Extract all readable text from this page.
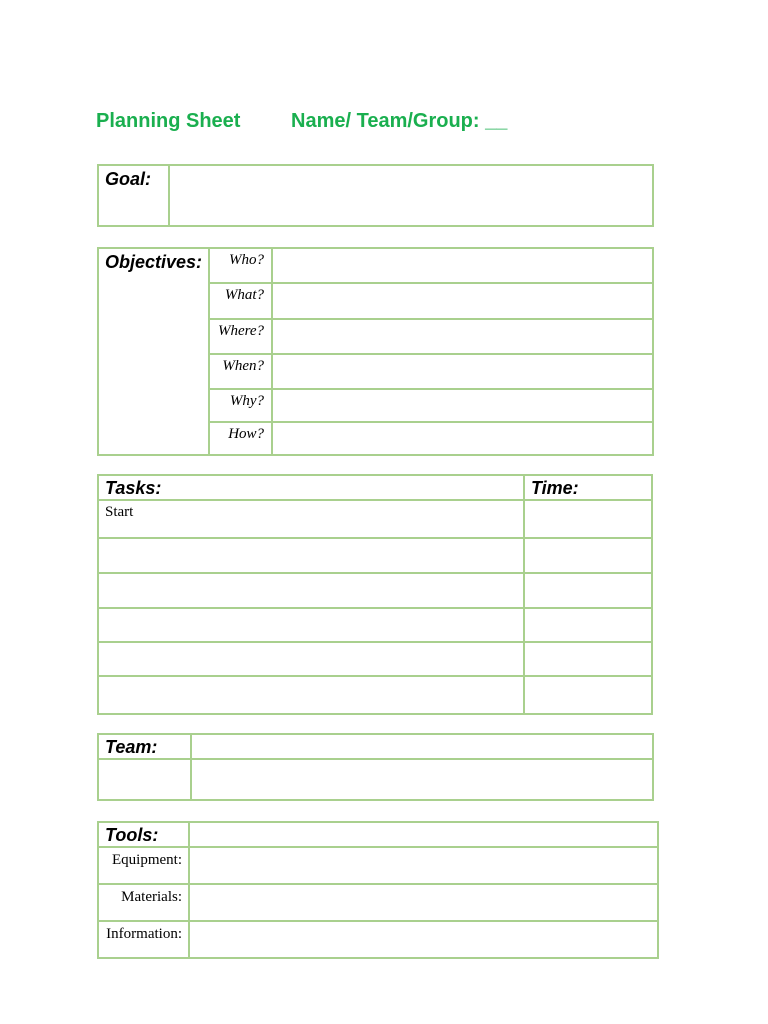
Planning Sheet	Name/ Team/Group: __
Goal:	
Objectives:	Who?	
	What?	
	Where?	
	When?	
	Why?	
	How?	
Tasks:	Time:
Start	

Team:	

Tools:	
Equipment:	
Materials:	
Information:	
